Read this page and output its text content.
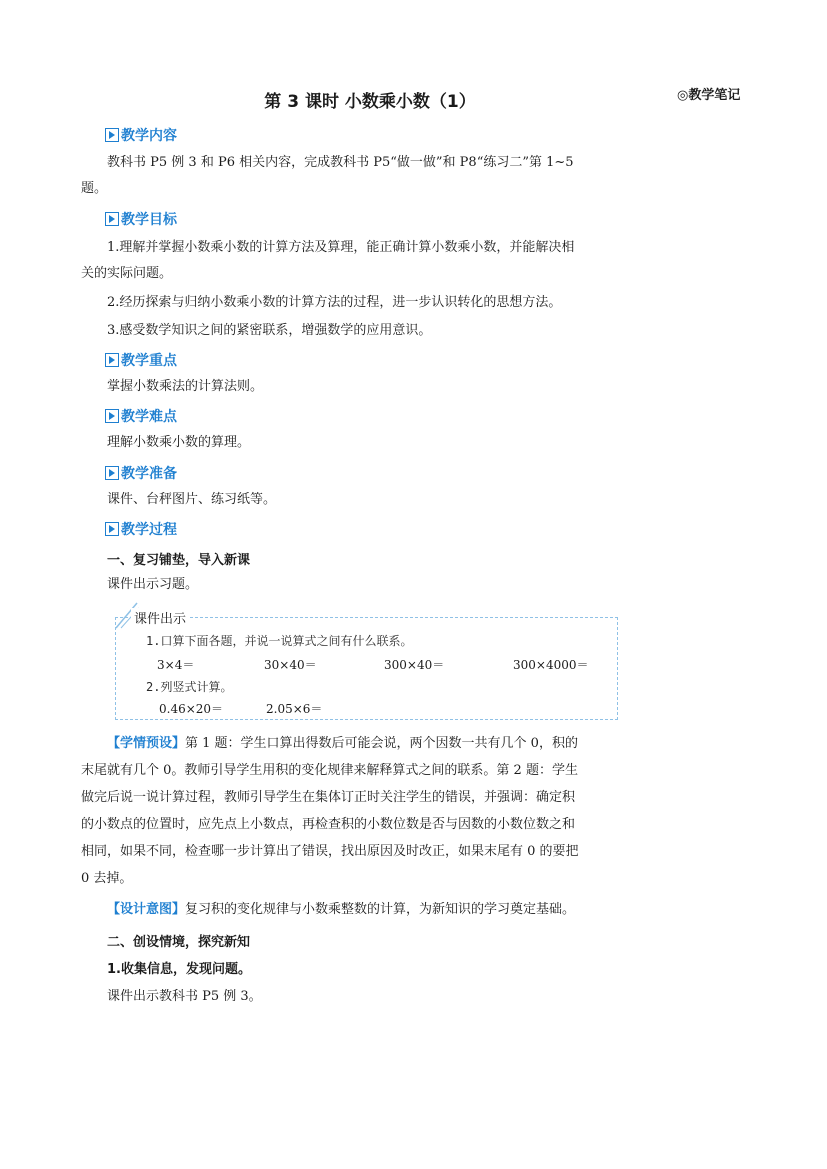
第 3 课时 小数乘小数（1）	◎教学笔记
教学内容
教科书 P5 例 3 和 P6 相关内容，完成教科书 P5“做一做”和 P8“练习二”第 1~5
题。
教学目标
1.理解并掌握小数乘小数的计算方法及算理，能正确计算小数乘小数，并能解决相
关的实际问题。
2.经历探索与归纳小数乘小数的计算方法的过程，进一步认识转化的思想方法。
3.感受数学知识之间的紧密联系，增强数学的应用意识。
教学重点
掌握小数乘法的计算法则。
教学难点
理解小数乘小数的算理。
教学准备
课件、台秤图片、练习纸等。
教学过程
一、复习铺垫，导入新课
课件出示习题。
课件出示
1.口算下面各题，并说一说算式之间有什么联系。
3×4＝	30×40＝	300×40＝	300×4000＝
2.列竖式计算。
0.46×20＝	2.05×6＝
【学情预设】第 1 题：学生口算出得数后可能会说，两个因数一共有几个 0，积的
末尾就有几个 0。教师引导学生用积的变化规律来解释算式之间的联系。第 2 题：学生
做完后说一说计算过程，教师引导学生在集体订正时关注学生的错误，并强调：确定积
的小数点的位置时，应先点上小数点，再检查积的小数位数是否与因数的小数位数之和
相同，如果不同，检查哪一步计算出了错误，找出原因及时改正，如果末尾有 0 的要把
0 去掉。
【设计意图】复习积的变化规律与小数乘整数的计算，为新知识的学习奠定基础。
二、创设情境，探究新知
1.收集信息，发现问题。
课件出示教科书 P5 例 3。
